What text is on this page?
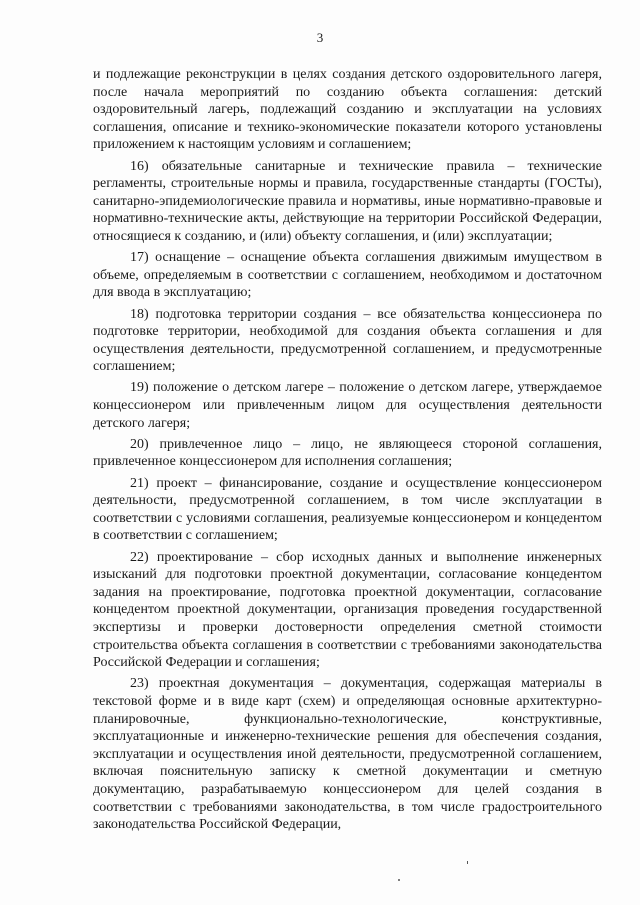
3

и подлежащие реконструкции в целях создания детского оздоровительного лагеря, после начала мероприятий по созданию объекта соглашения: детский оздоровительный лагерь, подлежащий созданию и эксплуатации на условиях соглашения, описание и технико-экономические показатели которого установлены приложением к настоящим условиям и соглашением;

16) обязательные санитарные и технические правила – технические регламенты, строительные нормы и правила, государственные стандарты (ГОСТы), санитарно-эпидемиологические правила и нормативы, иные нормативно-правовые и нормативно-технические акты, действующие на территории Российской Федерации, относящиеся к созданию, и (или) объекту соглашения, и (или) эксплуатации;

17) оснащение – оснащение объекта соглашения движимым имуществом в объеме, определяемым в соответствии с соглашением, необходимом и достаточном для ввода в эксплуатацию;

18) подготовка территории создания – все обязательства концессионера по подготовке территории, необходимой для создания объекта соглашения и для осуществления деятельности, предусмотренной соглашением, и предусмотренные соглашением;

19) положение о детском лагере – положение о детском лагере, утверждаемое концессионером или привлеченным лицом для осуществления деятельности детского лагеря;

20) привлеченное лицо – лицо, не являющееся стороной соглашения, привлеченное концессионером для исполнения соглашения;

21) проект – финансирование, создание и осуществление концессионером деятельности, предусмотренной соглашением, в том числе эксплуатации в соответствии с условиями соглашения, реализуемые концессионером и концедентом в соответствии с соглашением;

22) проектирование – сбор исходных данных и выполнение инженерных изысканий для подготовки проектной документации, согласование концедентом задания на проектирование, подготовка проектной документации, согласование концедентом проектной документации, организация проведения государственной экспертизы и проверки достоверности определения сметной стоимости строительства объекта соглашения в соответствии с требованиями законодательства Российской Федерации и соглашения;

23) проектная документация – документация, содержащая материалы в текстовой форме и в виде карт (схем) и определяющая основные архитектурно-планировочные, функционально-технологические, конструктивные, эксплуатационные и инженерно-технические решения для обеспечения создания, эксплуатации и осуществления иной деятельности, предусмотренной соглашением, включая пояснительную записку к сметной документации и сметную документацию, разрабатываемую концессионером для целей создания в соответствии с требованиями законодательства, в том числе градостроительного законодательства Российской Федерации,
